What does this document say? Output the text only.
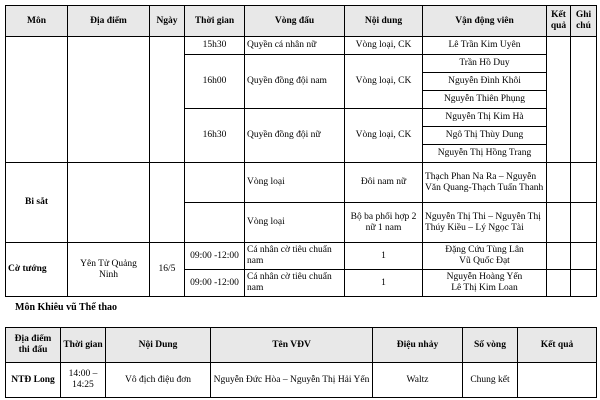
Môn	Địa điểm	Ngày	Thời gian	Vòng đấu	Nội dung	Vận động viên	Kết quả	Ghi chú
			15h30	Quyền cá nhân nữ	Vòng loại, CK	Lê Trần Kim Uyên		
			16h00	Quyền đồng đội nam	Vòng loại, CK	Trần Hồ Duy		
						Nguyễn Đình Khôi		
						Nguyễn Thiên Phụng		
			16h30	Quyền đồng đội nữ	Vòng loại, CK	Nguyễn Thị Kim Hà		
						Ngô Thị Thùy Dung		
						Nguyễn Thị Hồng Trang		
Bi sắt				Vòng loại	Đôi nam nữ	Thạch Phan Na Ra – Nguyễn Văn Quang-Thạch Tuấn Thanh		
				Vòng loại	Bộ ba phối hợp 2 nữ 1 nam	Nguyễn Thị Thi – Nguyễn Thị Thúy Kiều – Lý Ngọc Tài		
Cờ tướng	Yên Tử Quảng Ninh	16/5	09:00 -12:00	Cá nhân cờ tiêu chuẩn nam	1	Đặng Cứu Tùng Lân
Vũ Quốc Đạt		

			09:00 -12:00	Cá nhân cờ tiêu chuẩn nam	1	Nguyễn Hoàng Yến
Lê Thị Kim Loan		

Môn Khiêu vũ Thể thao
Địa điểm thi đấu	Thời gian	Nội Dung	Tên VĐV	Điệu nhảy	Số vòng	Kết quả
NTĐ Long	14:00 – 14:25	Vô địch điệu đơn	Nguyễn Đức Hòa – Nguyễn Thị Hải Yến	Waltz	Chung kết	
